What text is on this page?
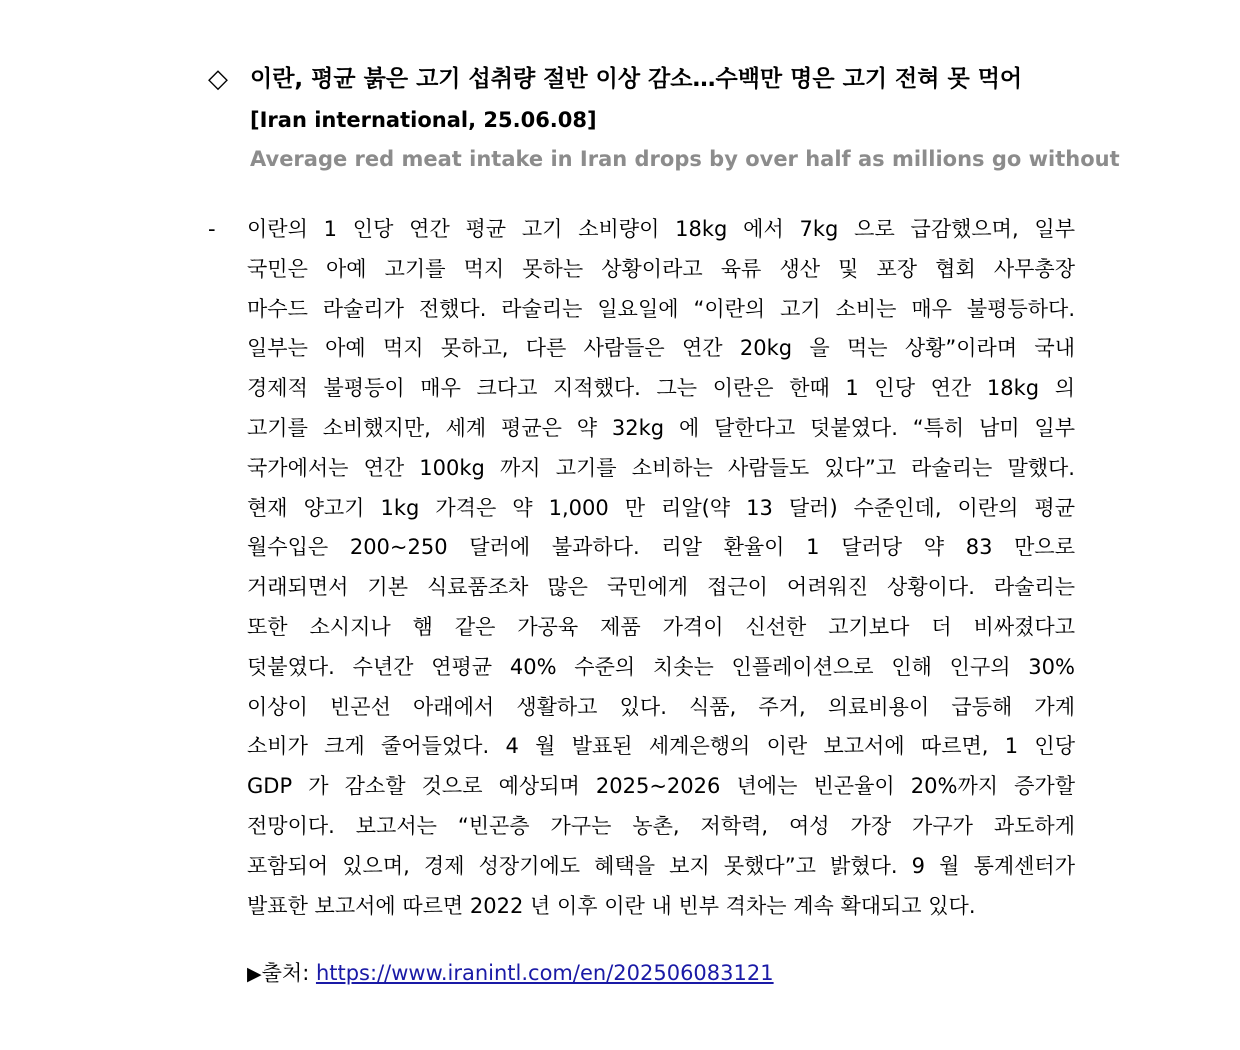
◇ 이란, 평균 붉은 고기 섭취량 절반 이상 감소…수백만 명은 고기 전혀 못 먹어
[Iran international, 25.06.08]
Average red meat intake in Iran drops by over half as millions go without
- 이란의 1 인당 연간 평균 고기 소비량이 18kg 에서 7kg 으로 급감했으며, 일부
국민은 아예 고기를 먹지 못하는 상황이라고 육류 생산 및 포장 협회 사무총장
마수드 라술리가 전했다. 라술리는 일요일에 “이란의 고기 소비는 매우 불평등하다.
일부는 아예 먹지 못하고, 다른 사람들은 연간 20kg 을 먹는 상황”이라며 국내
경제적 불평등이 매우 크다고 지적했다. 그는 이란은 한때 1 인당 연간 18kg 의
고기를 소비했지만, 세계 평균은 약 32kg 에 달한다고 덧붙였다. “특히 남미 일부
국가에서는 연간 100kg 까지 고기를 소비하는 사람들도 있다”고 라술리는 말했다.
현재 양고기 1kg 가격은 약 1,000 만 리알(약 13 달러) 수준인데, 이란의 평균
월수입은 200~250 달러에 불과하다. 리알 환율이 1 달러당 약 83 만으로
거래되면서 기본 식료품조차 많은 국민에게 접근이 어려워진 상황이다. 라술리는
또한 소시지나 햄 같은 가공육 제품 가격이 신선한 고기보다 더 비싸졌다고
덧붙였다. 수년간 연평균 40% 수준의 치솟는 인플레이션으로 인해 인구의 30%
이상이 빈곤선 아래에서 생활하고 있다. 식품, 주거, 의료비용이 급등해 가계
소비가 크게 줄어들었다. 4 월 발표된 세계은행의 이란 보고서에 따르면, 1 인당
GDP 가 감소할 것으로 예상되며 2025~2026 년에는 빈곤율이 20%까지 증가할
전망이다. 보고서는 “빈곤층 가구는 농촌, 저학력, 여성 가장 가구가 과도하게
포함되어 있으며, 경제 성장기에도 혜택을 보지 못했다”고 밝혔다. 9 월 통계센터가
발표한 보고서에 따르면 2022 년 이후 이란 내 빈부 격차는 계속 확대되고 있다.
▶출처: https://www.iranintl.com/en/202506083121
